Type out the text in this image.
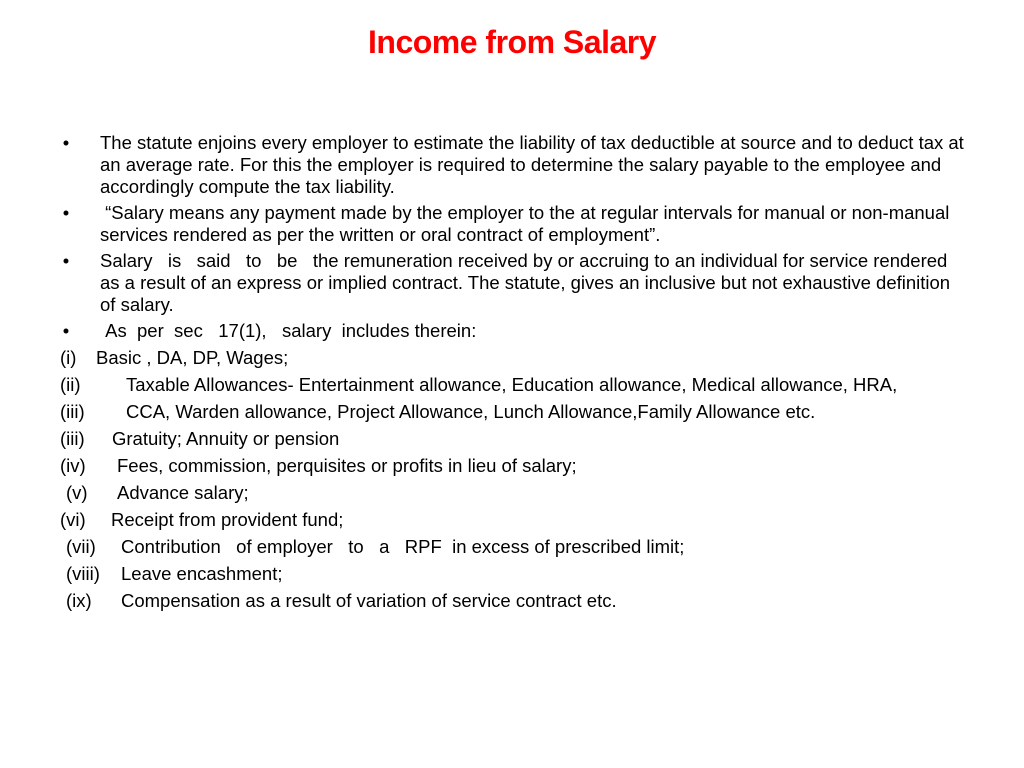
Income from Salary
• The statute enjoins every employer to estimate the liability of tax deductible at source and to deduct tax at an average rate. For this the employer is required to determine the salary payable to the employee and accordingly compute the tax liability.
• “Salary means any payment made by the employer to the at regular intervals for manual or non-manual services rendered as per the written or oral contract of employment”.
• Salary   is   said   to   be   the remuneration received by or accruing to an individual for service rendered as a result of an express or implied contract. The statute, gives an inclusive but not exhaustive definition  of salary.
• As  per  sec   17(1),   salary  includes therein:
(i) Basic , DA, DP, Wages;
(ii) Taxable Allowances- Entertainment allowance, Education allowance, Medical allowance, HRA,
(iii) CCA, Warden allowance, Project Allowance, Lunch Allowance,Family Allowance etc.
(iii) Gratuity; Annuity or pension
(iv) Fees, commission, perquisites or profits in lieu of salary;
(v) Advance salary;
(vi) Receipt from provident fund;
(vii) Contribution   of employer   to   a   RPF  in excess of prescribed limit;
(viii) Leave encashment;
(ix) Compensation as a result of variation of service contract etc.
